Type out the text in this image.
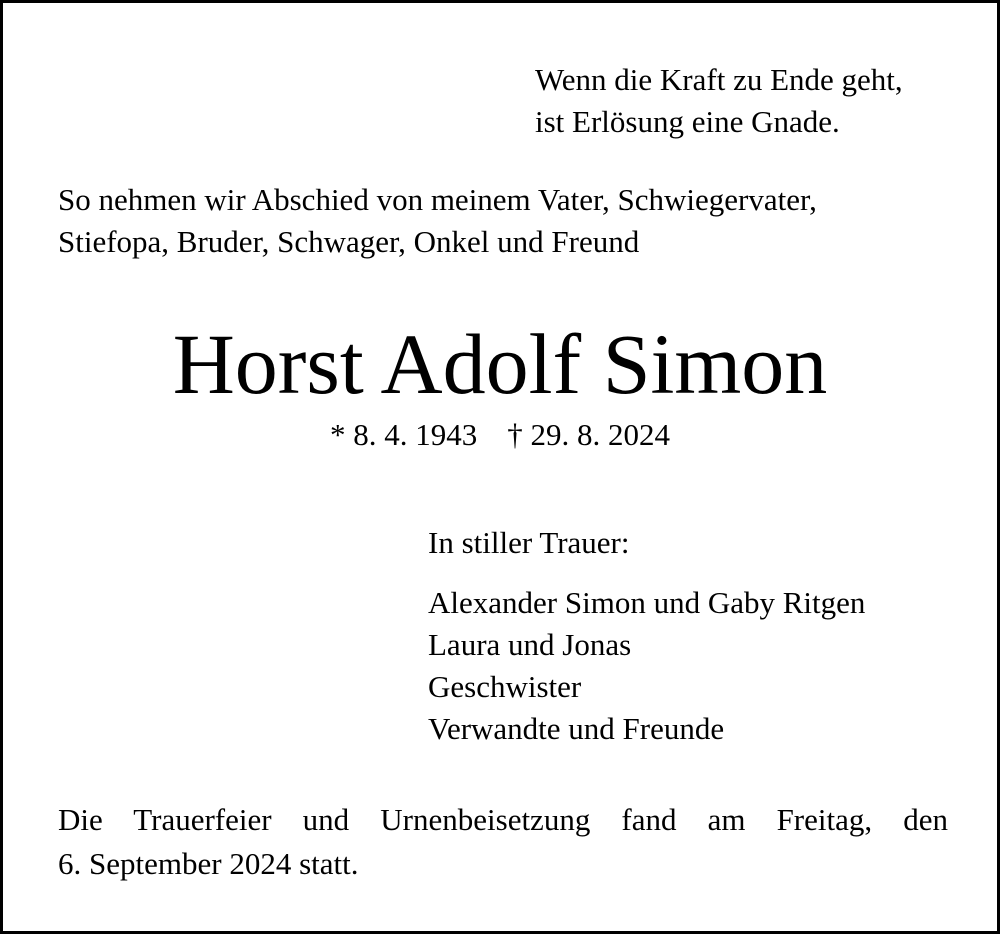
Wenn die Kraft zu Ende geht,
ist Erlösung eine Gnade.
So nehmen wir Abschied von meinem Vater, Schwiegervater,
Stiefopa, Bruder, Schwager, Onkel und Freund
Horst Adolf Simon
* 8. 4. 1943 † 29. 8. 2024
In stiller Trauer:
Alexander Simon und Gaby Ritgen
Laura und Jonas
Geschwister
Verwandte und Freunde
Die Trauerfeier und Urnenbeisetzung fand am Freitag, den
6. September 2024 statt.
